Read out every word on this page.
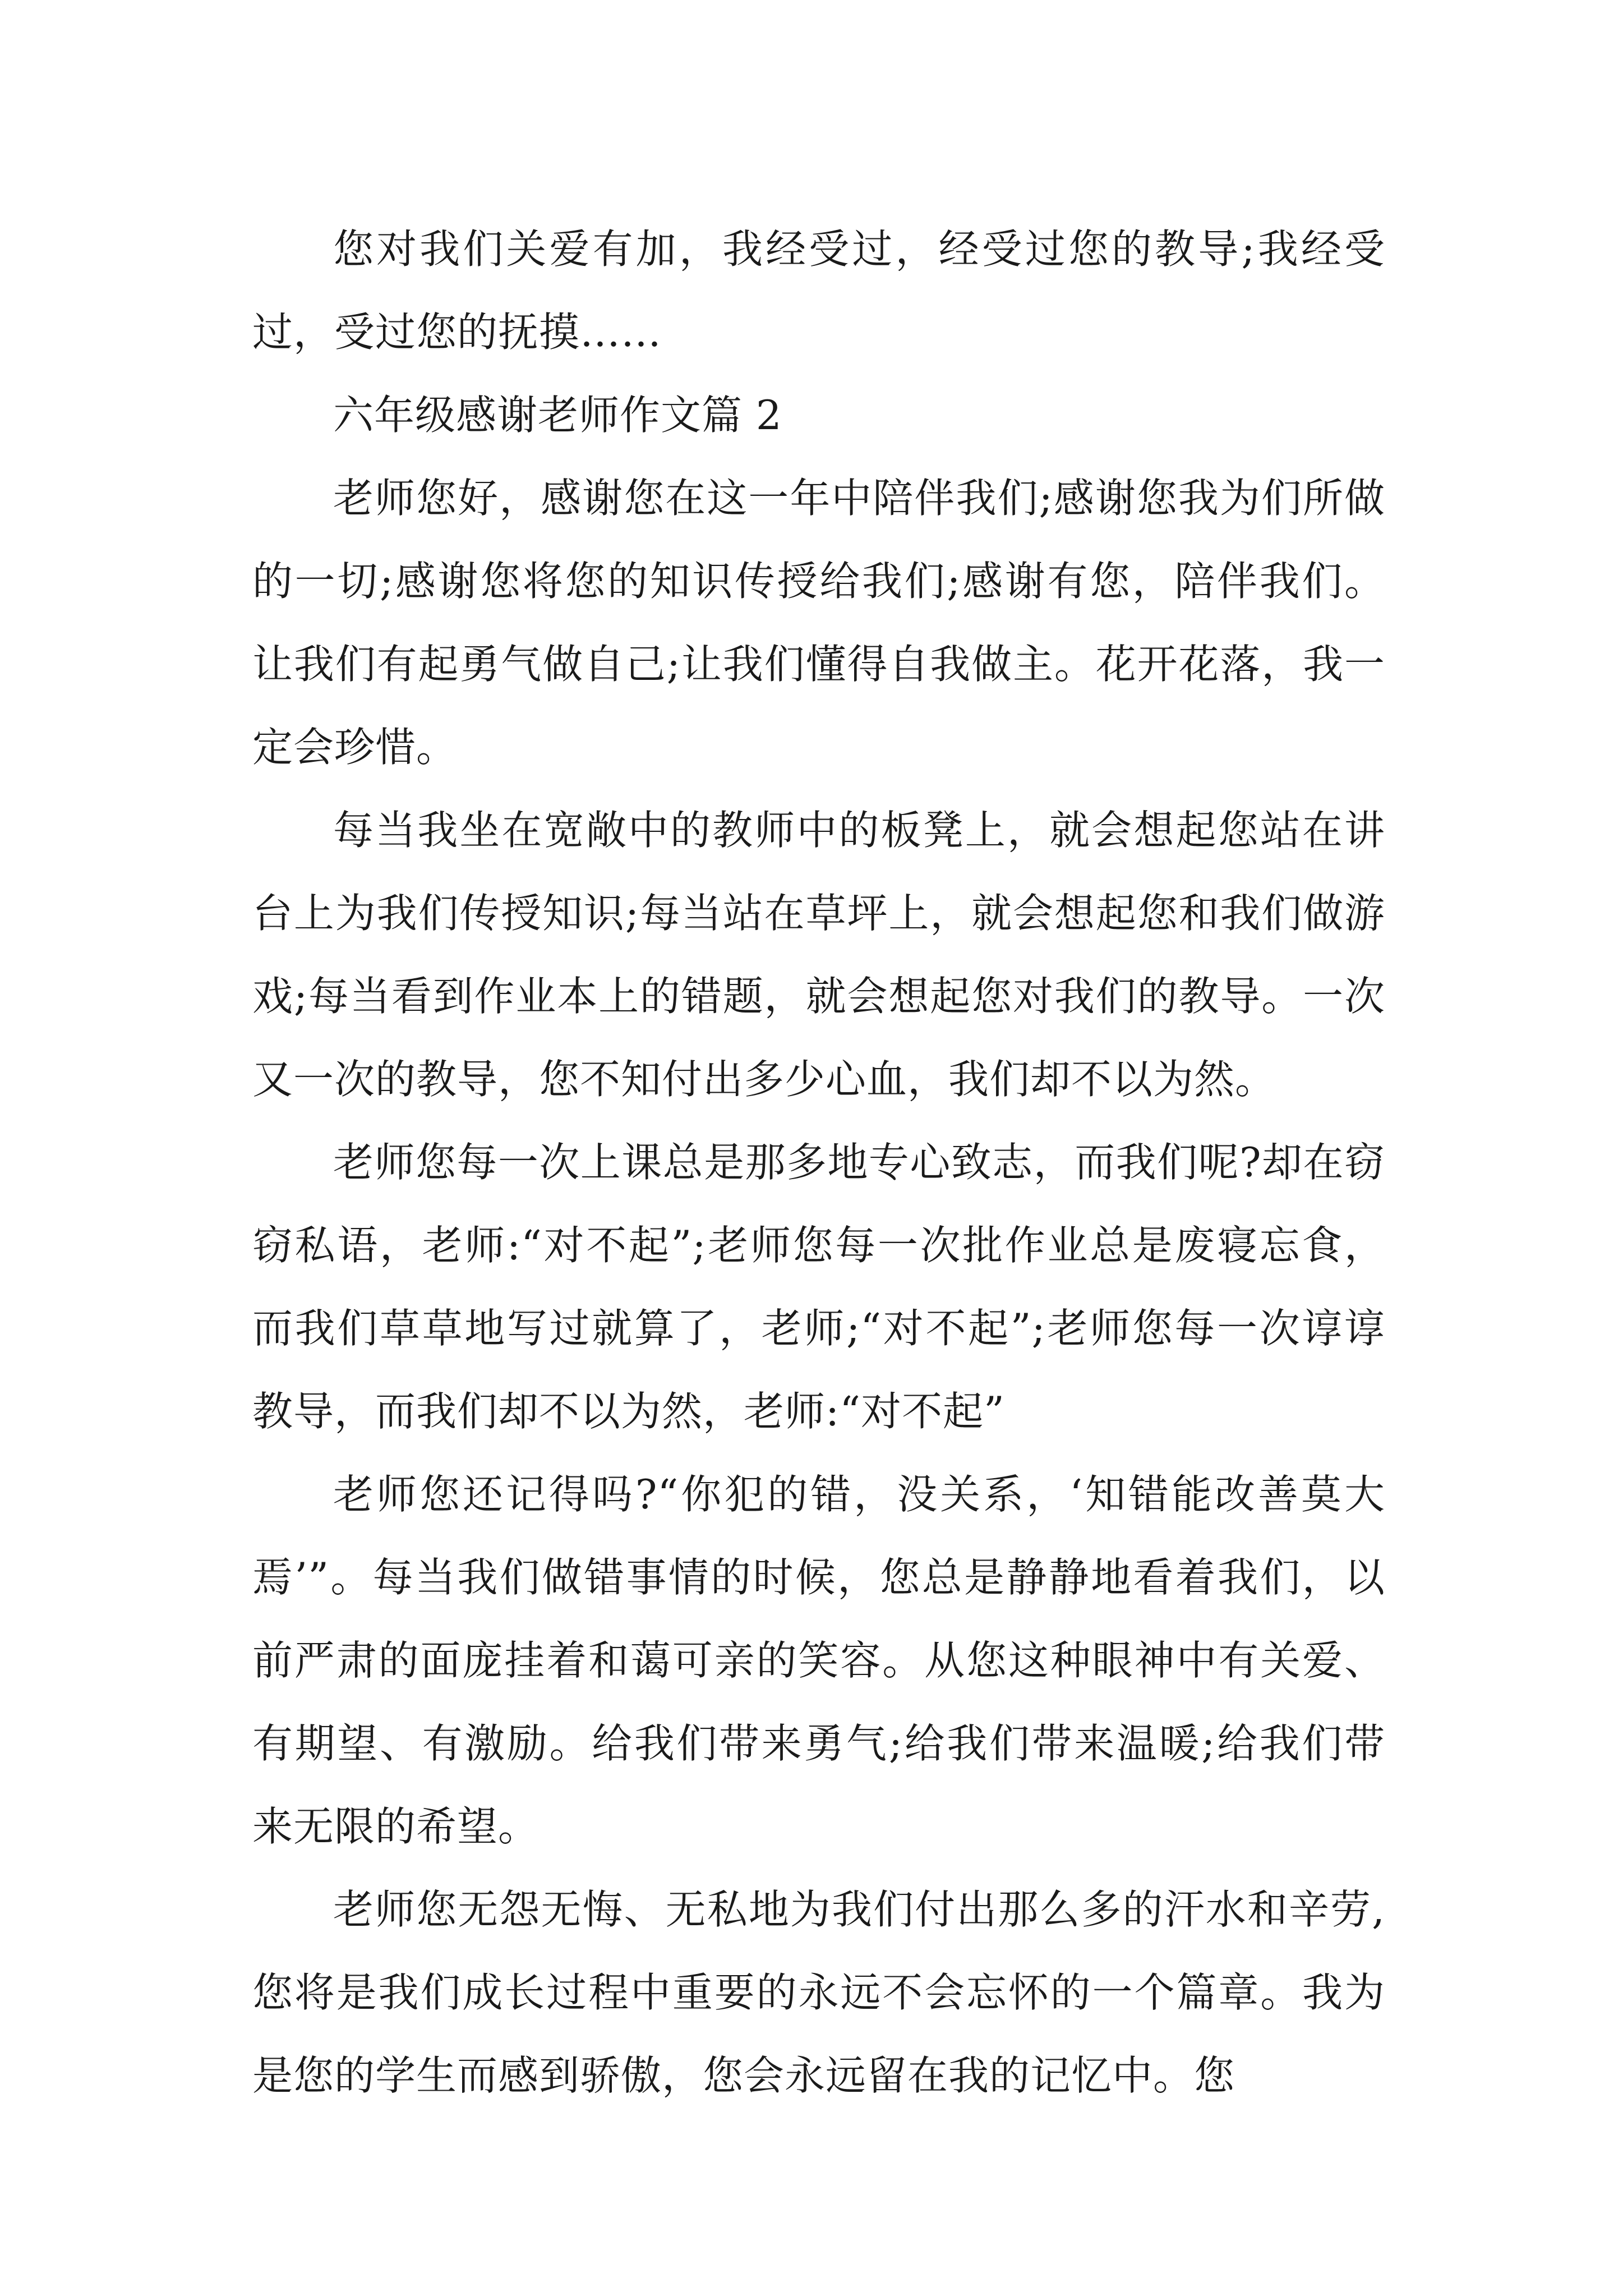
您对我们关爱有加，我经受过，经受过您的教导;我经受过，受过您的抚摸……

六年级感谢老师作文篇 2

老师您好，感谢您在这一年中陪伴我们;感谢您我为们所做的一切;感谢您将您的知识传授给我们;感谢有您，陪伴我们。让我们有起勇气做自己;让我们懂得自我做主。花开花落，我一定会珍惜。

每当我坐在宽敞中的教师中的板凳上，就会想起您站在讲台上为我们传授知识;每当站在草坪上，就会想起您和我们做游戏;每当看到作业本上的错题，就会想起您对我们的教导。一次又一次的教导，您不知付出多少心血，我们却不以为然。

老师您每一次上课总是那多地专心致志，而我们呢?却在窃窃私语，老师:“对不起”;老师您每一次批作业总是废寝忘食，而我们草草地写过就算了，老师;“对不起”;老师您每一次谆谆教导，而我们却不以为然，老师:“对不起”

老师您还记得吗?“你犯的错，没关系，‘知错能改善莫大焉’”。每当我们做错事情的时候，您总是静静地看着我们，以前严肃的面庞挂着和蔼可亲的笑容。从您这种眼神中有关爱、有期望、有激励。给我们带来勇气;给我们带来温暖;给我们带来无限的希望。

老师您无怨无悔、无私地为我们付出那么多的汗水和辛劳,您将是我们成长过程中重要的永远不会忘怀的一个篇章。我为是您的学生而感到骄傲，您会永远留在我的记忆中。您
